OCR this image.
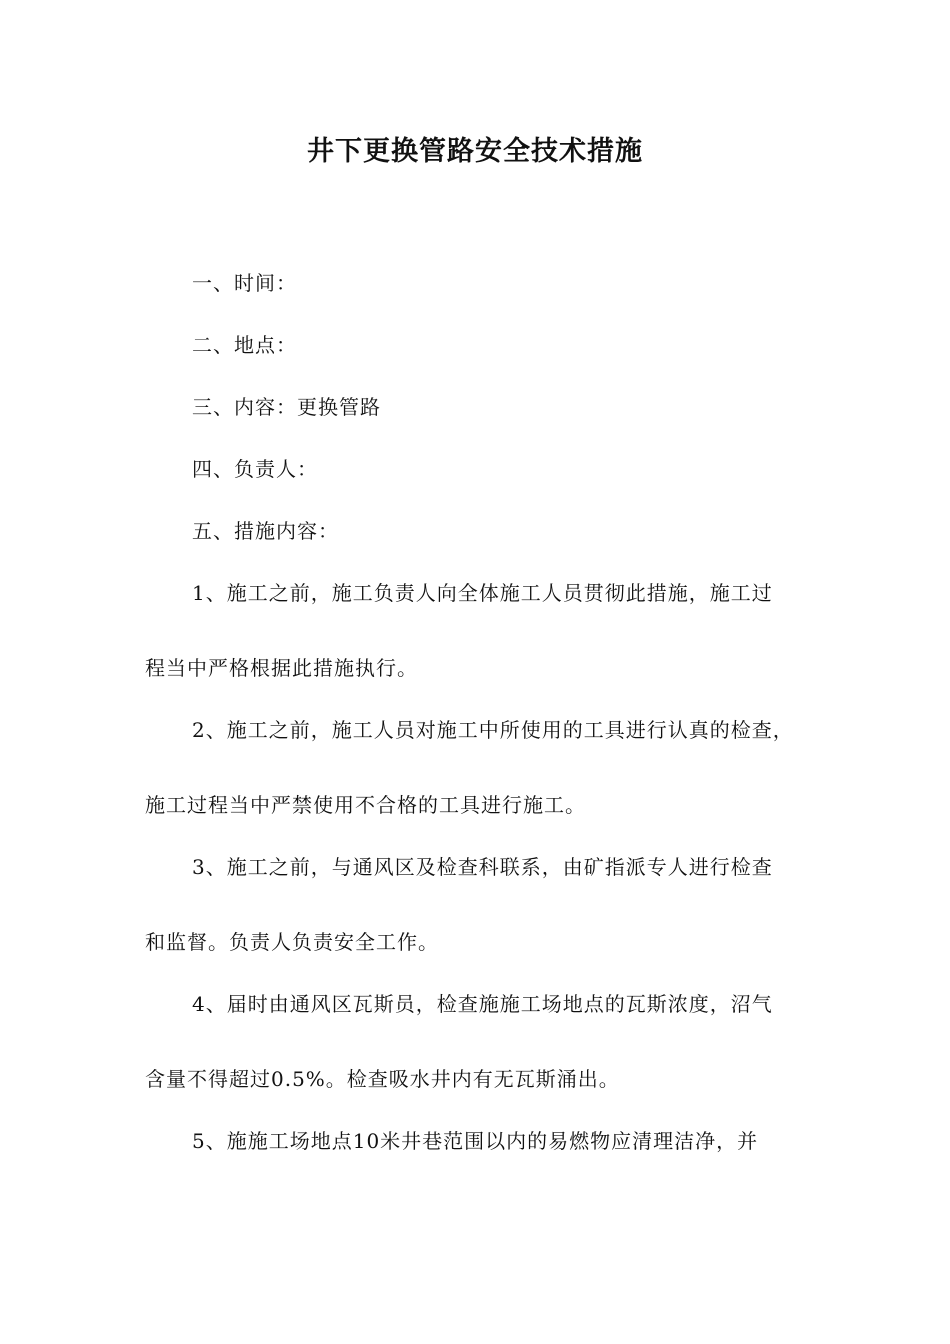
井下更换管路安全技术措施
一、时间：
二、地点：
三、内容：更换管路
四、负责人：
五、措施内容：
1、施工之前，施工负责人向全体施工人员贯彻此措施，施工过
程当中严格根据此措施执行。
2、施工之前，施工人员对施工中所使用的工具进行认真的检查，
施工过程当中严禁使用不合格的工具进行施工。
3、施工之前，与通风区及检查科联系，由矿指派专人进行检查
和监督。负责人负责安全工作。
4、届时由通风区瓦斯员，检查施施工场地点的瓦斯浓度，沼气
含量不得超过0.5%。检查吸水井内有无瓦斯涌出。
5、施施工场地点10米井巷范围以内的易燃物应清理洁净，并
